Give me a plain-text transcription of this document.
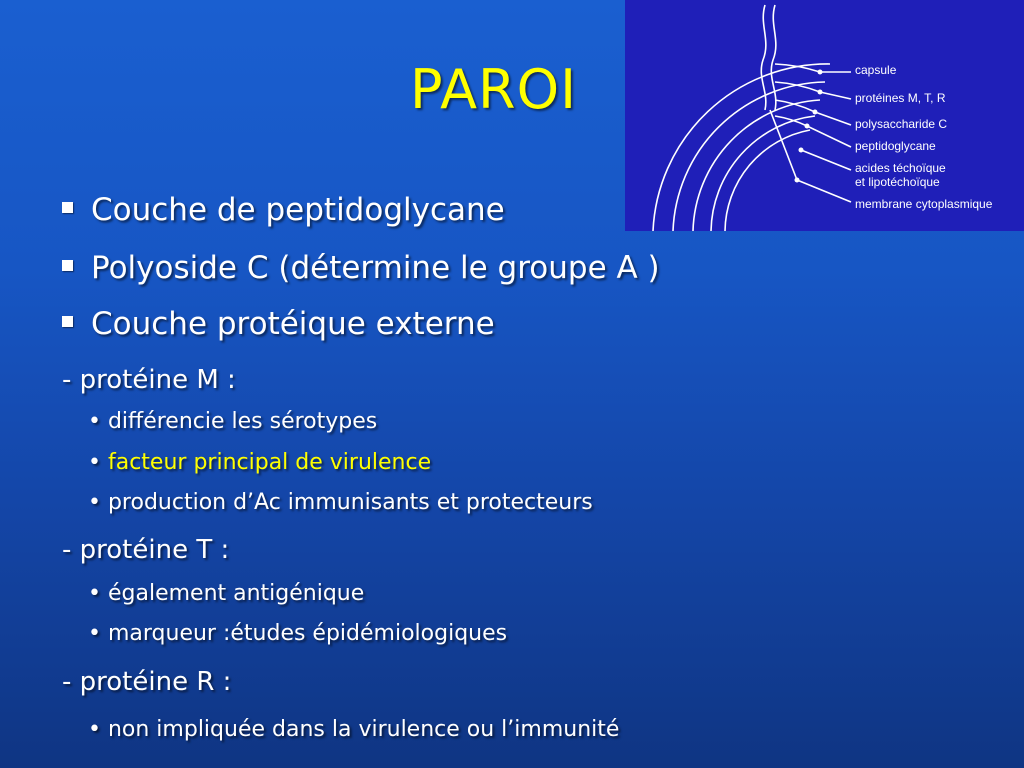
PAROI	capsule
protéines M, T, R
polysaccharide C
peptidoglycane
acides téchoïque
et lipotéchoïque
membrane cytoplasmique
Couche de peptidoglycane
Polyoside C (détermine le groupe A )
Couche protéique externe
- protéine M :
• différencie les sérotypes
• facteur principal de virulence
• production d’Ac immunisants et protecteurs
- protéine T :
• également antigénique
• marqueur :études épidémiologiques
- protéine R :
• non impliquée dans la virulence ou l’immunité
